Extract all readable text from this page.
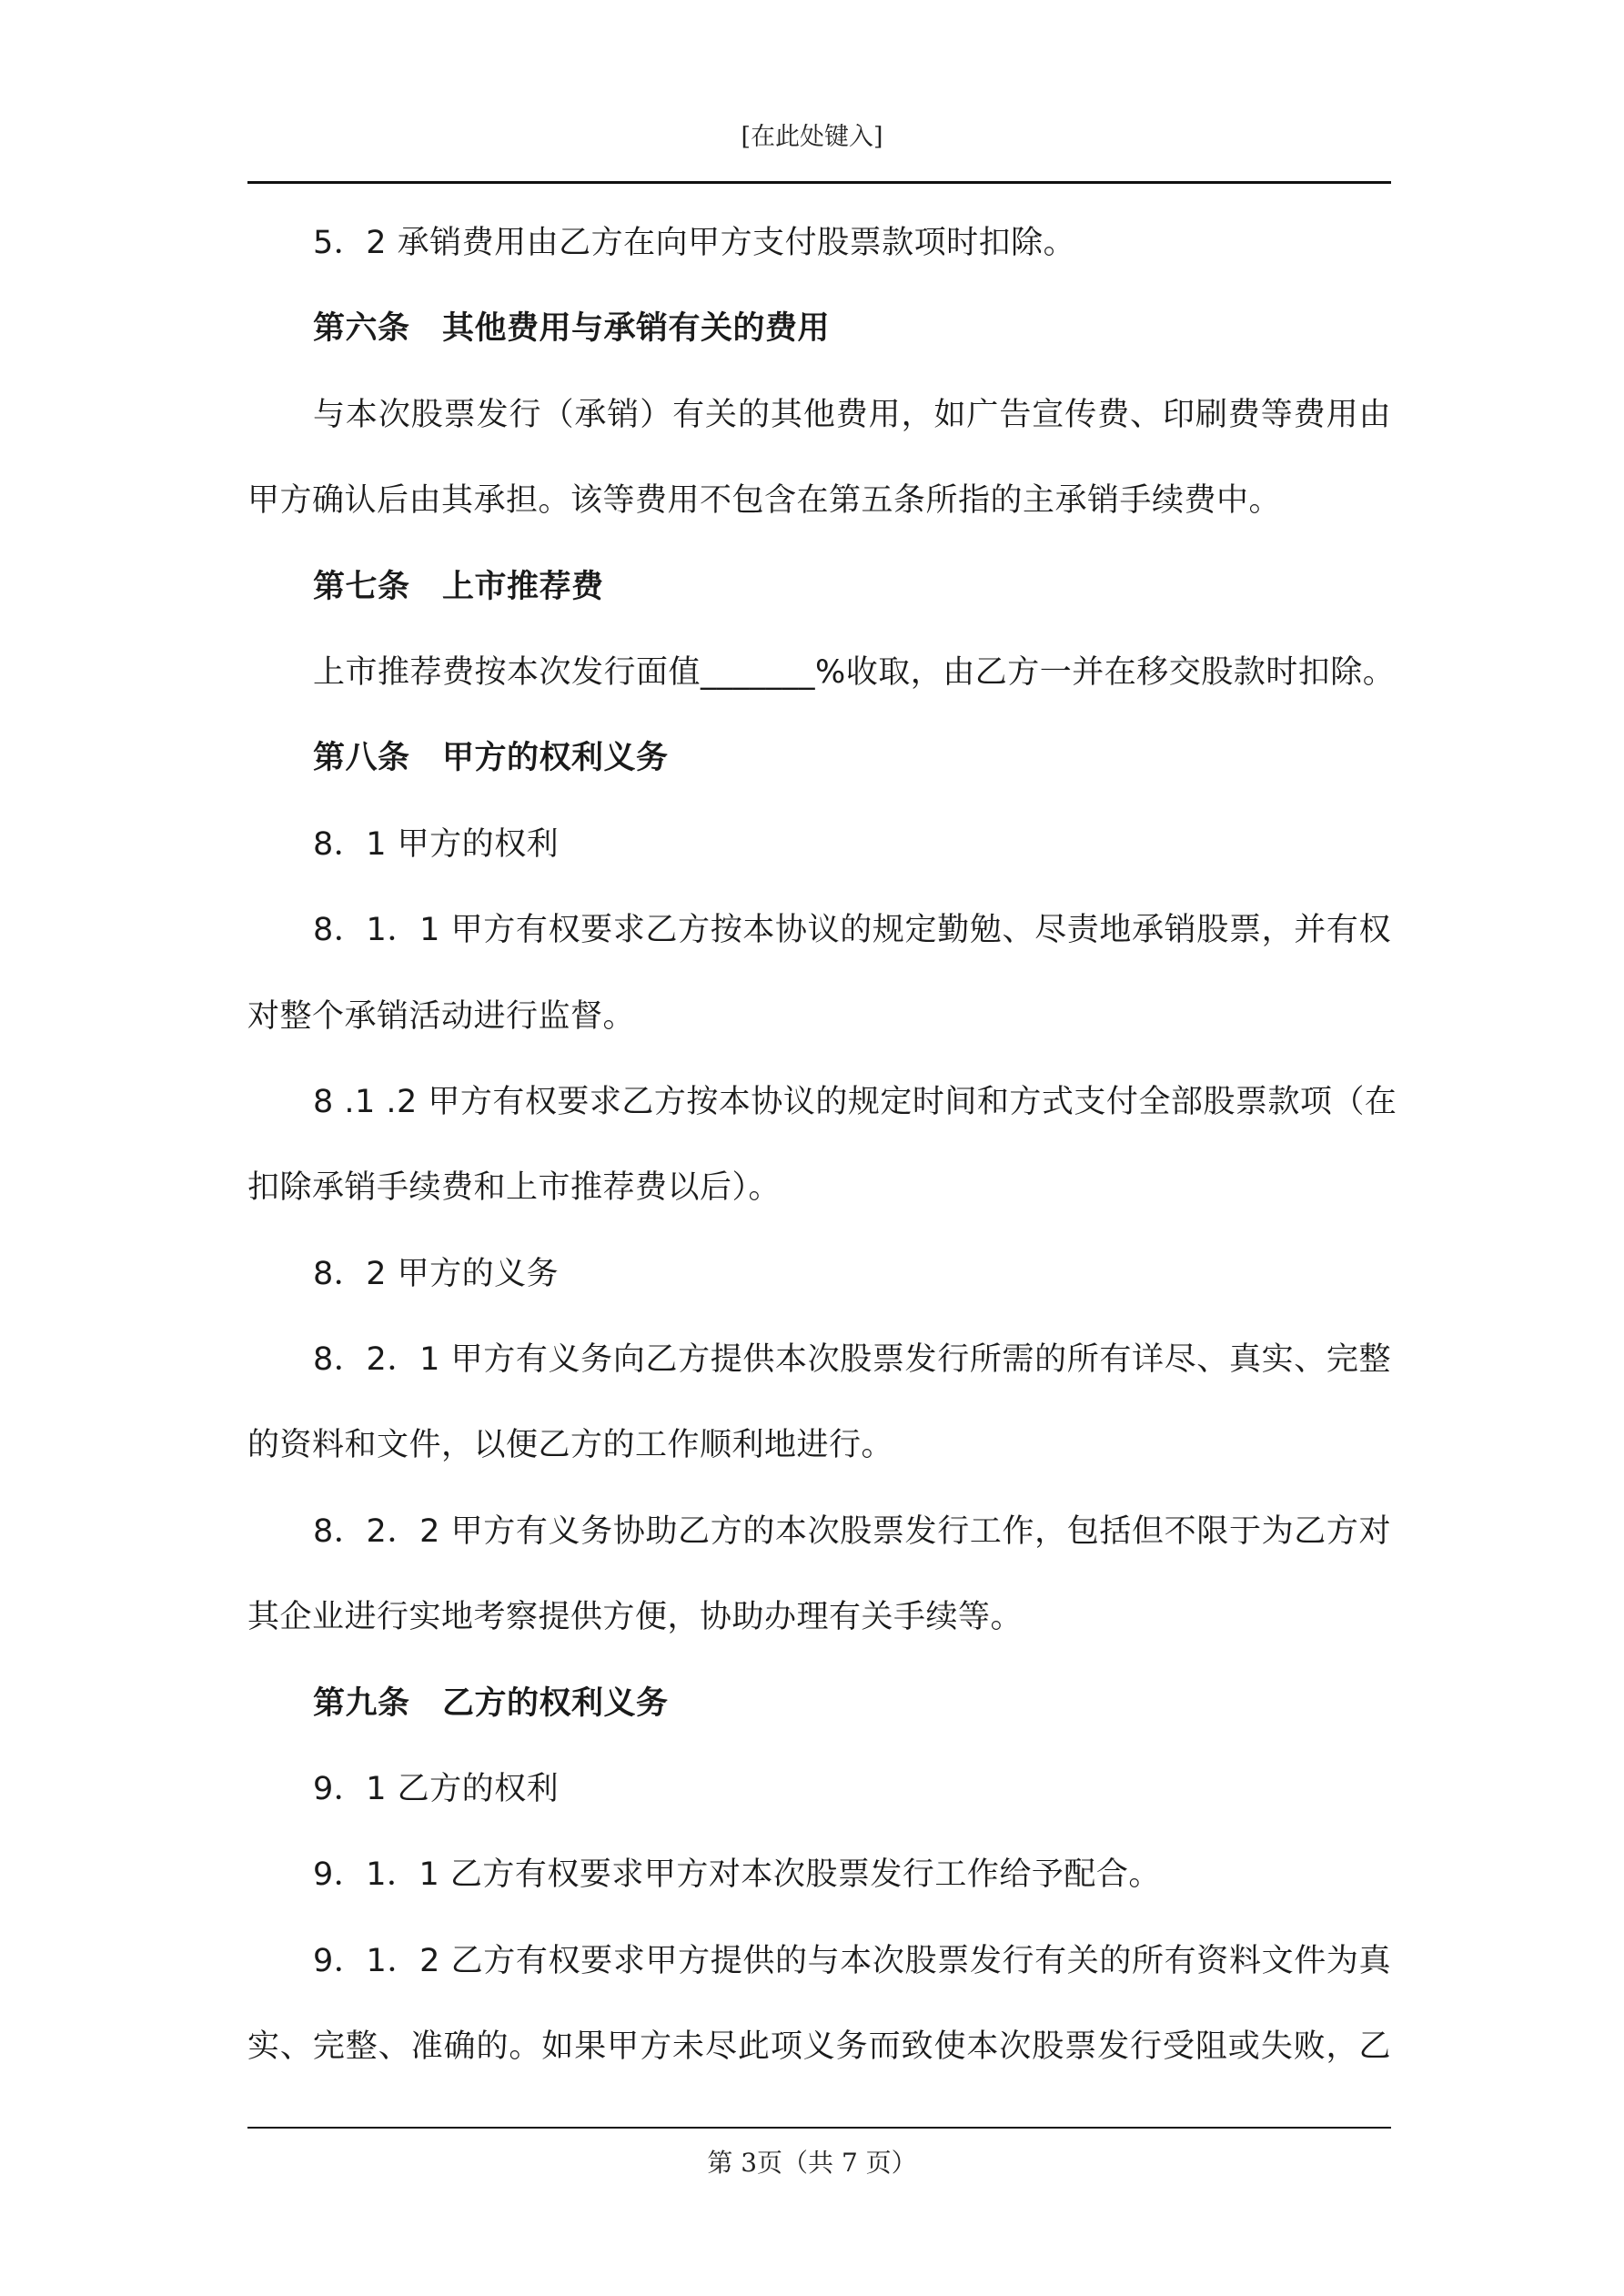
[在此处键入]
5．2 承销费用由乙方在向甲方支付股票款项时扣除。
第六条　其他费用与承销有关的费用
与本次股票发行（承销）有关的其他费用，如广告宣传费、印刷费等费用由
甲方确认后由其承担。该等费用不包含在第五条所指的主承销手续费中。
第七条　上市推荐费
上市推荐费按本次发行面值_______%收取，由乙方一并在移交股款时扣除。
第八条　甲方的权利义务
8．1 甲方的权利
8．1．1 甲方有权要求乙方按本协议的规定勤勉、尽责地承销股票，并有权
对整个承销活动进行监督。
8 .1 .2 甲方有权要求乙方按本协议的规定时间和方式支付全部股票款项（在
扣除承销手续费和上市推荐费以后）。
8．2 甲方的义务
8．2．1 甲方有义务向乙方提供本次股票发行所需的所有详尽、真实、完整
的资料和文件，以便乙方的工作顺利地进行。
8．2．2 甲方有义务协助乙方的本次股票发行工作，包括但不限于为乙方对
其企业进行实地考察提供方便，协助办理有关手续等。
第九条　乙方的权利义务
9．1 乙方的权利
9．1．1 乙方有权要求甲方对本次股票发行工作给予配合。
9．1．2 乙方有权要求甲方提供的与本次股票发行有关的所有资料文件为真
实、完整、准确的。如果甲方未尽此项义务而致使本次股票发行受阻或失败，乙
第 3页（共 7 页）
